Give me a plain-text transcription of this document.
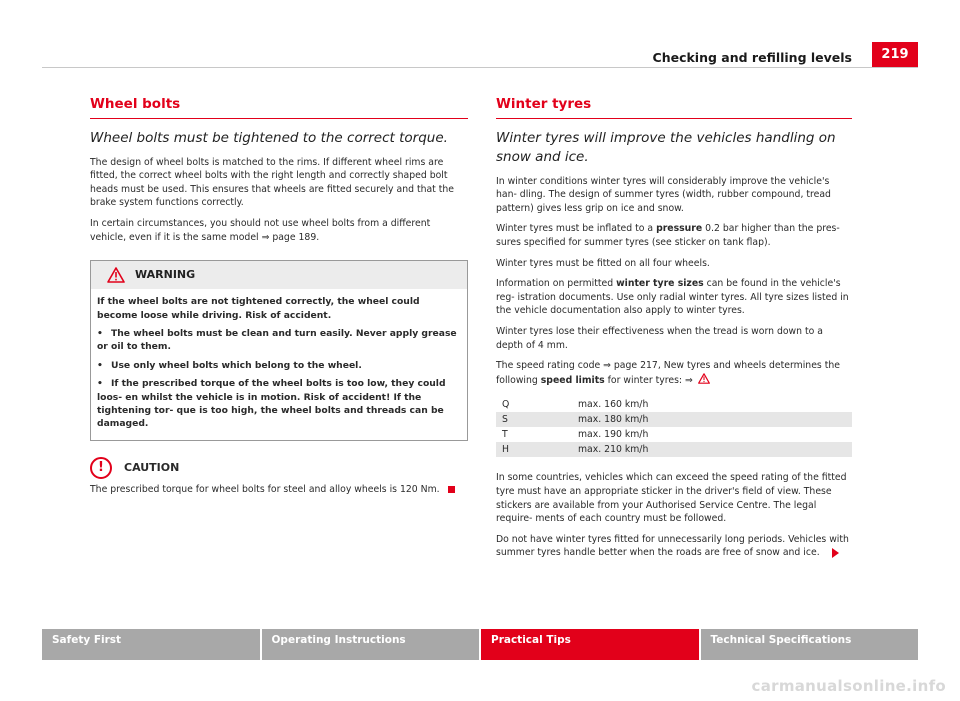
Checking and refilling levels	219
Wheel bolts
Wheel bolts must be tightened to the correct torque.

The design of wheel bolts is matched to the rims. If different wheel rims are fitted, the correct wheel bolts with the right length and correctly shaped bolt heads must be used. This ensures that wheels are fitted securely and that the brake system functions correctly.

In certain circumstances, you should not use wheel bolts from a different vehicle, even if it is the same model ⇒ page 189.

WARNING

If the wheel bolts are not tightened correctly, the wheel could become loose while driving. Risk of accident.

• The wheel bolts must be clean and turn easily. Never apply grease or oil to them.

• Use only wheel bolts which belong to the wheel.

• If the prescribed torque of the wheel bolts is too low, they could loos- en whilst the vehicle is in motion. Risk of accident! If the tightening tor- que is too high, the wheel bolts and threads can be damaged.

!	CAUTION

The prescribed torque for wheel bolts for steel and alloy wheels is 120 Nm.

Winter tyres
Winter tyres will improve the vehicles handling on snow and ice.

In winter conditions winter tyres will considerably improve the vehicle's han- dling. The design of summer tyres (width, rubber compound, tread pattern) gives less grip on ice and snow.

Winter tyres must be inflated to a pressure 0.2 bar higher than the pres- sures specified for summer tyres (see sticker on tank flap).

Winter tyres must be fitted on all four wheels.

Information on permitted winter tyre sizes can be found in the vehicle's reg- istration documents. Use only radial winter tyres. All tyre sizes listed in the vehicle documentation also apply to winter tyres.

Winter tyres lose their effectiveness when the tread is worn down to a depth of 4 mm.

The speed rating code ⇒ page 217, New tyres and wheels determines the following speed limits for winter tyres: ⇒

Q	max. 160 km/h
S	max. 180 km/h
T	max. 190 km/h
H	max. 210 km/h

In some countries, vehicles which can exceed the speed rating of the fitted tyre must have an appropriate sticker in the driver's field of view. These stickers are available from your Authorised Service Centre. The legal require- ments of each country must be followed.

Do not have winter tyres fitted for unnecessarily long periods. Vehicles with summer tyres handle better when the roads are free of snow and ice.

Safety First	Operating Instructions	Practical Tips	Technical Specifications
carmanualsonline.info
